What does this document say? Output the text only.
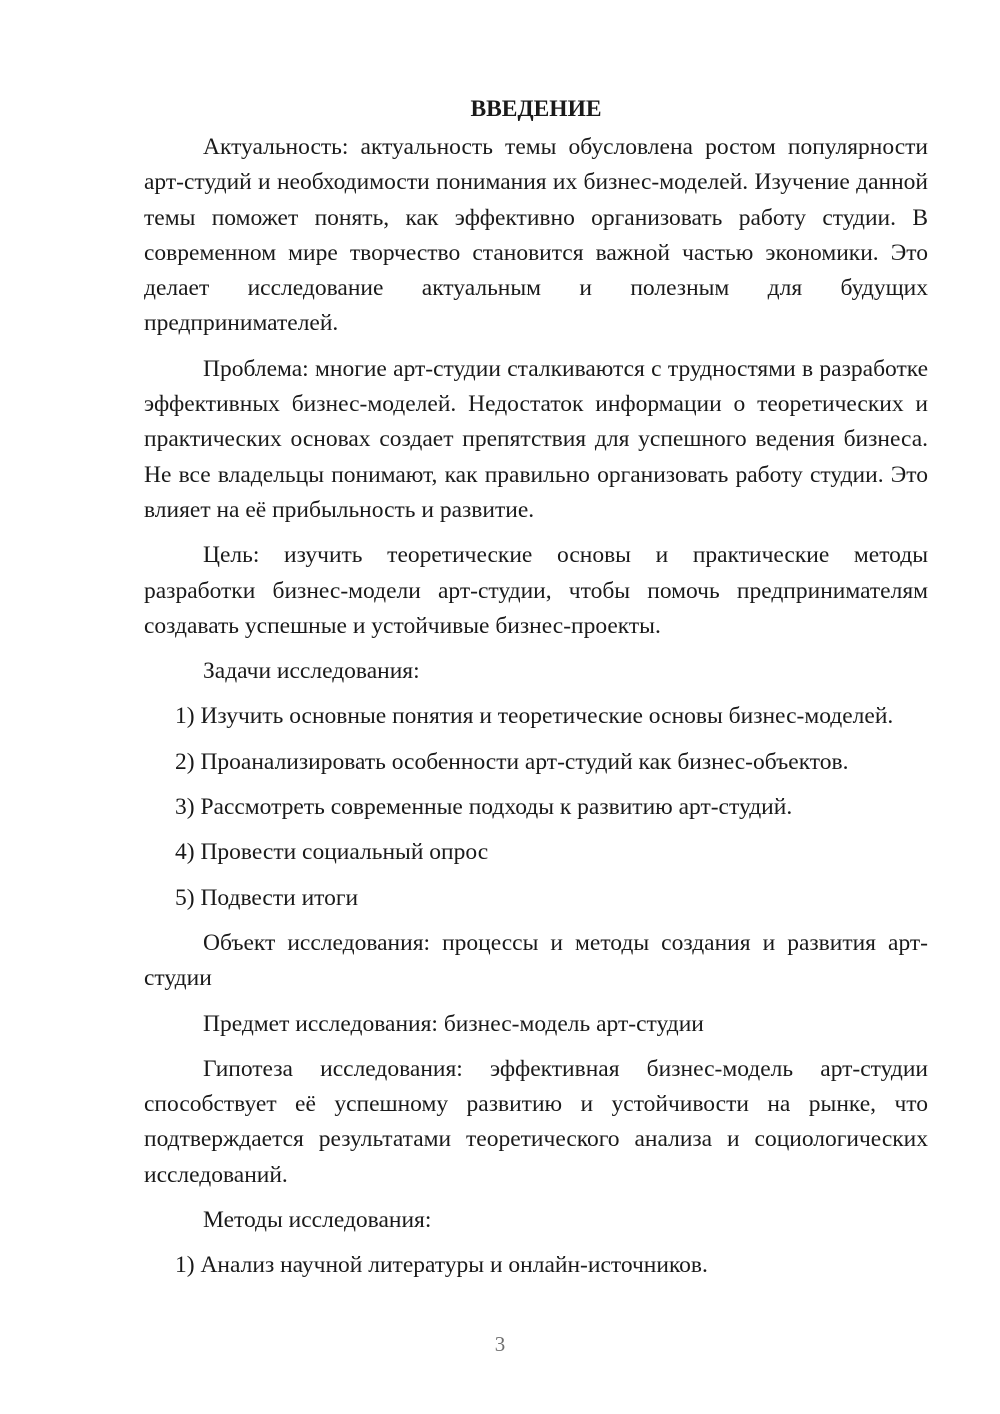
ВВЕДЕНИЕ

Актуальность: актуальность темы обусловлена ростом популярности арт-студий и необходимости понимания их бизнес-моделей. Изучение данной темы поможет понять, как эффективно организовать работу студии. В современном мире творчество становится важной частью экономики. Это делает исследование актуальным и полезным для будущих предпринимателей.

Проблема: многие арт-студии сталкиваются с трудностями в разработке эффективных бизнес-моделей. Недостаток информации о теоретических и практических основах создает препятствия для успешного ведения бизнеса. Не все владельцы понимают, как правильно организовать работу студии. Это влияет на её прибыльность и развитие.

Цель: изучить теоретические основы и практические методы разработки бизнес-модели арт-студии, чтобы помочь предпринимателям создавать успешные и устойчивые бизнес-проекты.

Задачи исследования:

1) Изучить основные понятия и теоретические основы бизнес-моделей.
2) Проанализировать особенности арт-студий как бизнес-объектов.
3) Рассмотреть современные подходы к развитию арт-студий.
4) Провести социальный опрос
5) Подвести итоги

Объект исследования: процессы и методы создания и развития арт-студии

Предмет исследования: бизнес-модель арт-студии

Гипотеза исследования: эффективная бизнес-модель арт-студии способствует её успешному развитию и устойчивости на рынке, что подтверждается результатами теоретического анализа и социологических исследований.

Методы исследования:

1) Анализ научной литературы и онлайн-источников.
3
